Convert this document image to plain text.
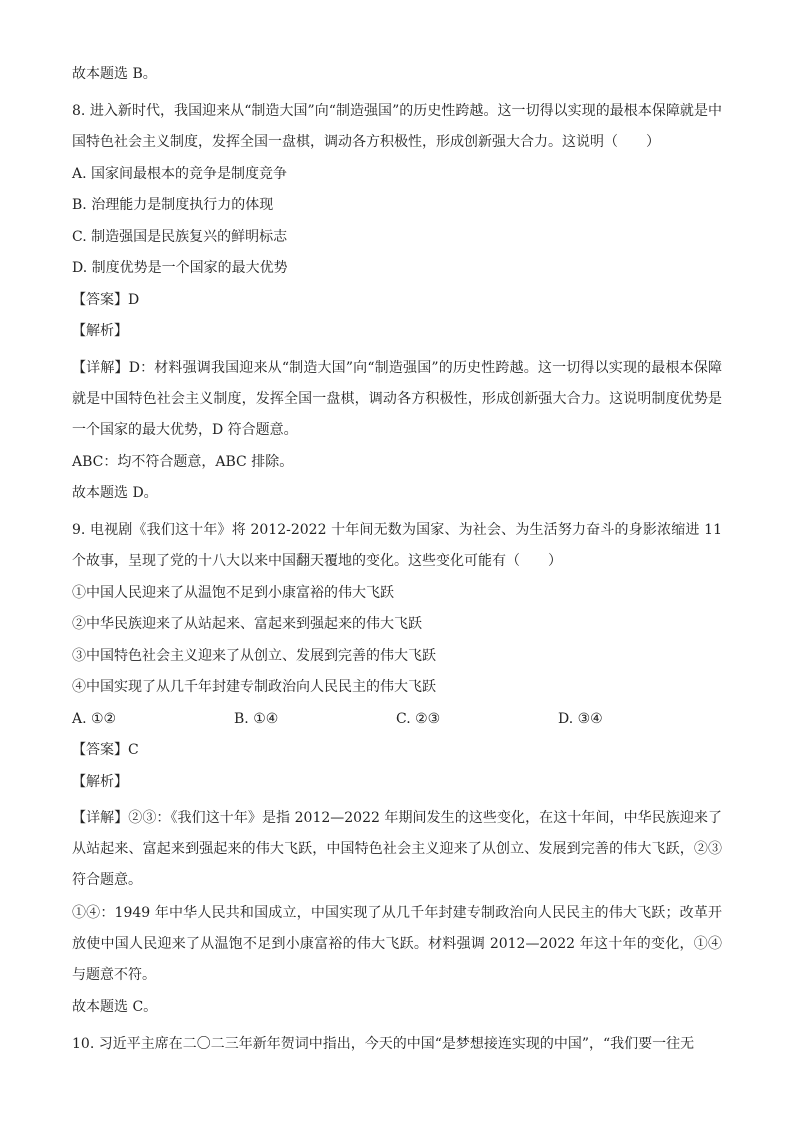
故本题选 B。

8. 进入新时代，我国迎来从“制造大国”向“制造强国”的历史性跨越。这一切得以实现的最根本保障就是中国特色社会主义制度，发挥全国一盘棋，调动各方积极性，形成创新强大合力。这说明（　　）

A. 国家间最根本的竞争是制度竞争

B. 治理能力是制度执行力的体现

C. 制造强国是民族复兴的鲜明标志

D. 制度优势是一个国家的最大优势

【答案】D

【解析】

【详解】D：材料强调我国迎来从“制造大国”向“制造强国”的历史性跨越。这一切得以实现的最根本保障就是中国特色社会主义制度，发挥全国一盘棋，调动各方积极性，形成创新强大合力。这说明制度优势是一个国家的最大优势，D 符合题意。

ABC：均不符合题意，ABC 排除。

故本题选 D。

9. 电视剧《我们这十年》将 2012-2022 十年间无数为国家、为社会、为生活努力奋斗的身影浓缩进 11 个故事，呈现了党的十八大以来中国翻天覆地的变化。这些变化可能有（　　）

①中国人民迎来了从温饱不足到小康富裕的伟大飞跃

②中华民族迎来了从站起来、富起来到强起来的伟大飞跃

③中国特色社会主义迎来了从创立、发展到完善的伟大飞跃

④中国实现了从几千年封建专制政治向人民民主的伟大飞跃

A. ①②	B. ①④	C. ②③	D. ③④

【答案】C

【解析】

【详解】②③：《我们这十年》是指 2012—2022 年期间发生的这些变化，在这十年间，中华民族迎来了从站起来、富起来到强起来的伟大飞跃，中国特色社会主义迎来了从创立、发展到完善的伟大飞跃，②③符合题意。

①④：1949 年中华人民共和国成立，中国实现了从几千年封建专制政治向人民民主的伟大飞跃；改革开放使中国人民迎来了从温饱不足到小康富裕的伟大飞跃。材料强调 2012—2022 年这十年的变化，①④与题意不符。

故本题选 C。

10. 习近平主席在二〇二三年新年贺词中指出，今天的中国“是梦想接连实现的中国”，“我们要一往无
